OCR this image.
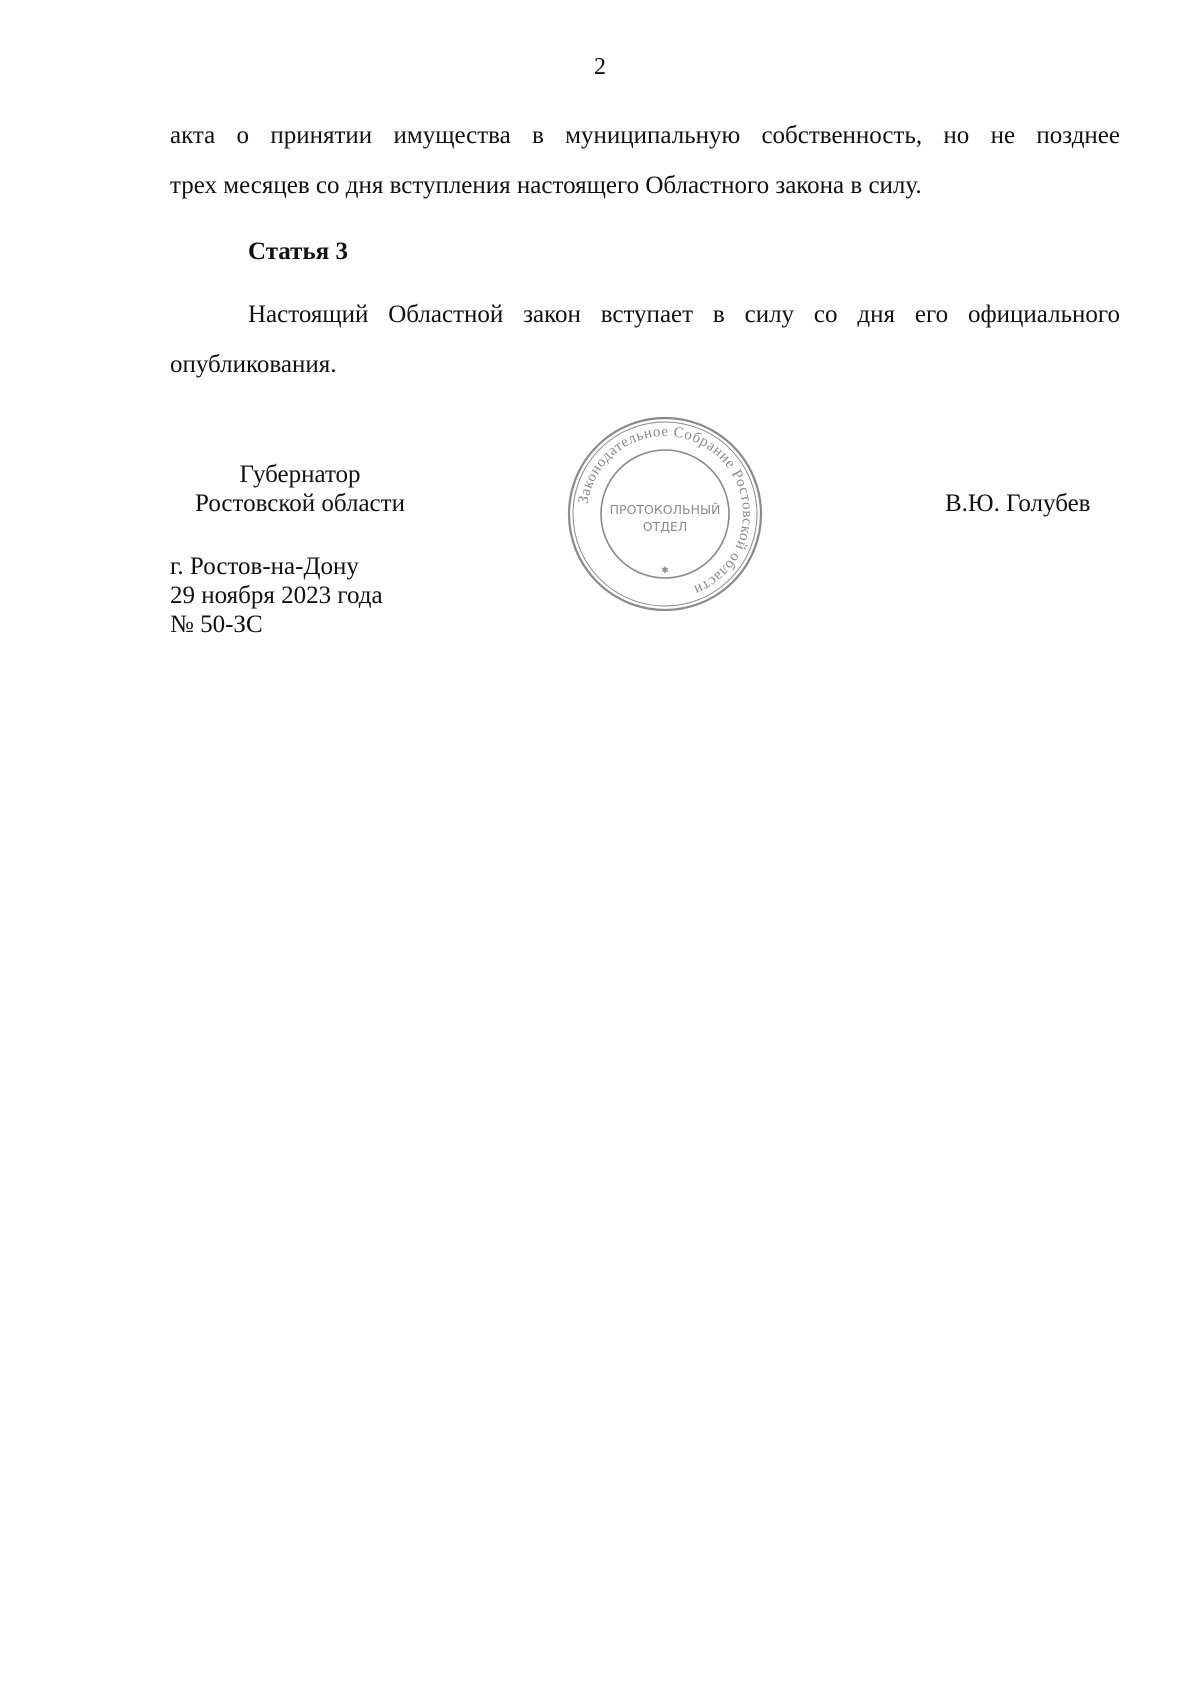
2
акта о принятии имущества в муниципальную собственность, но не позднее
трех месяцев со дня вступления настоящего Областного закона в силу.
Статья 3
Настоящий Областной закон вступает в силу со дня его официального
опубликования.
Губернатор
Ростовской области	Законодательное Собрание Ростовской области
✱
ПРОТОКОЛЬНЫЙ
ОТДЕЛ
В.Ю. Голубев
г. Ростов-на-Дону
29 ноября 2023 года
№ 50-ЗС
